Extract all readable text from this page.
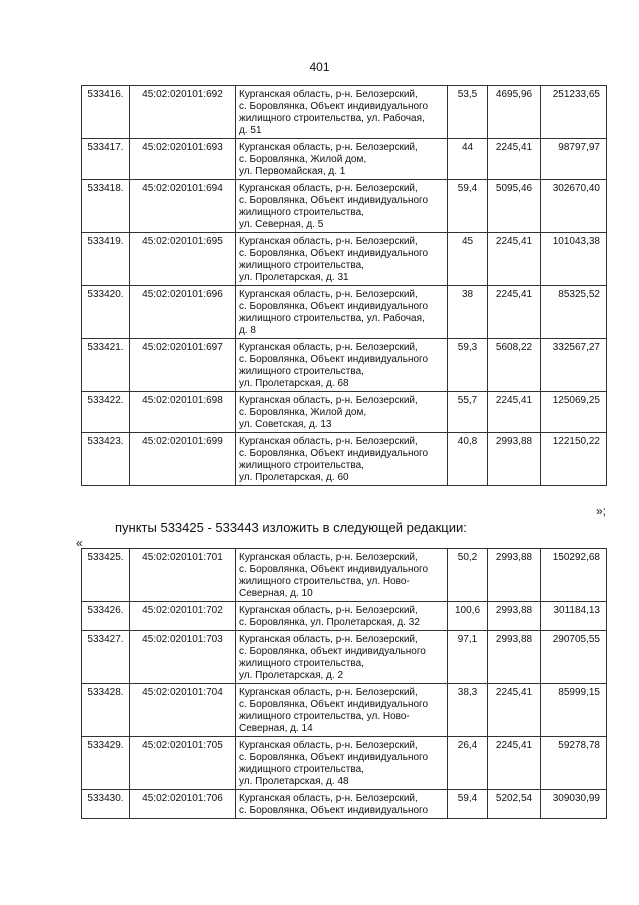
401
533416.	45:02:020101:692	Курганская область, р-н. Белозерский,
с. Боровлянка, Объект индивидуального
жилищного строительства, ул. Рабочая,
д. 51	53,5	4695,96	251233,65
533417.	45:02:020101:693	Курганская область, р-н. Белозерский,
с. Боровлянка, Жилой дом,
ул. Первомайская, д. 1	44	2245,41	98797,97
533418.	45:02:020101:694	Курганская область, р-н. Белозерский,
с. Боровлянка, Объект индивидуального
жилищного строительства,
ул. Северная, д. 5	59,4	5095,46	302670,40
533419.	45:02:020101:695	Курганская область, р-н. Белозерский,
с. Боровлянка, Объект индивидуального
жилищного строительства,
ул. Пролетарская, д. 31	45	2245,41	101043,38
533420.	45:02:020101:696	Курганская область, р-н. Белозерский,
с. Боровлянка, Объект индивидуального
жилищного строительства, ул. Рабочая,
д. 8	38	2245,41	85325,52
533421.	45:02:020101:697	Курганская область, р-н. Белозерский,
с. Боровлянка, Объект индивидуального
жилищного строительства,
ул. Пролетарская, д. 68	59,3	5608,22	332567,27
533422.	45:02:020101:698	Курганская область, р-н. Белозерский,
с. Боровлянка, Жилой дом,
ул. Советская, д. 13	55,7	2245,41	125069,25
533423.	45:02:020101:699	Курганская область, р-н. Белозерский,
с. Боровлянка, Объект индивидуального
жилищного строительства,
ул. Пролетарская, д. 60	40,8	2993,88	122150,22
»;
пункты 533425 - 533443 изложить в следующей редакции:
«
533425.	45:02:020101:701	Курганская область, р-н. Белозерский,
с. Боровлянка, Объект индивидуального
жилищного строительства, ул. Ново-
Северная, д. 10	50,2	2993,88	150292,68
533426.	45:02:020101:702	Курганская область, р-н. Белозерский,
с. Боровлянка, ул. Пролетарская, д. 32	100,6	2993,88	301184,13
533427.	45:02:020101:703	Курганская область, р-н. Белозерский,
с. Боровлянка, объект индивидуального
жилищного строительства,
ул. Пролетарская, д. 2	97,1	2993,88	290705,55
533428.	45:02:020101:704	Курганская область, р-н. Белозерский,
с. Боровлянка, Объект индивидуального
жилищного строительства, ул. Ново-
Северная, д. 14	38,3	2245,41	85999,15
533429.	45:02:020101:705	Курганская область, р-н. Белозерский,
с. Боровлянка, Объект индивидуального
жидищного строительства,
ул. Пролетарская, д. 48	26,4	2245,41	59278,78
533430.	45:02:020101:706	Курганская область, р-н. Белозерский,
с. Боровлянка, Объект индивидуального	59,4	5202,54	309030,99
